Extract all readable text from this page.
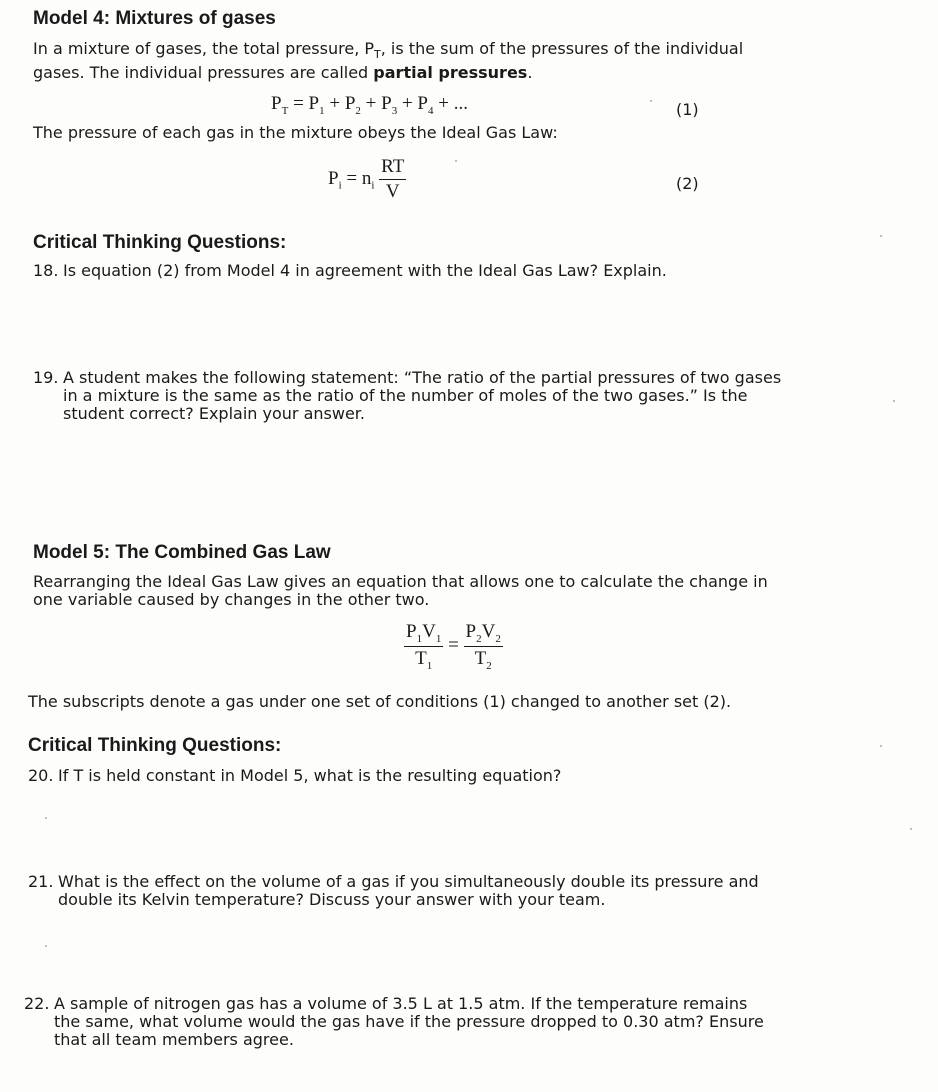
Model 4: Mixtures of gases
In a mixture of gases, the total pressure, $P_T$, is the sum of the pressures of the individual
gases. The individual pressures are called partial pressures.
$P_T = P_1 + P_2 + P_3 + P_4$ + ...	(1)
The pressure of each gas in the mixture obeys the Ideal Gas Law:
$P_i = n_i \frac{RT}{V}$	(2)
Critical Thinking Questions:
18. Is equation (2) from Model 4 in agreement with the Ideal Gas Law? Explain.
19. A student makes the following statement: “The ratio of the partial pressures of two gases
in a mixture is the same as the ratio of the number of moles of the two gases.” Is the
student correct? Explain your answer.
Model 5: The Combined Gas Law
Rearranging the Ideal Gas Law gives an equation that allows one to calculate the change in
one variable caused by changes in the other two.
$\frac{P_1V_1}{T_1} = \frac{P_2V_2}{T_2}$
The subscripts denote a gas under one set of conditions (1) changed to another set (2).
Critical Thinking Questions:
20. If T is held constant in Model 5, what is the resulting equation?
21. What is the effect on the volume of a gas if you simultaneously double its pressure and
double its Kelvin temperature? Discuss your answer with your team.
22. A sample of nitrogen gas has a volume of 3.5 L at 1.5 atm. If the temperature remains
the same, what volume would the gas have if the pressure dropped to 0.30 atm? Ensure
that all team members agree.
